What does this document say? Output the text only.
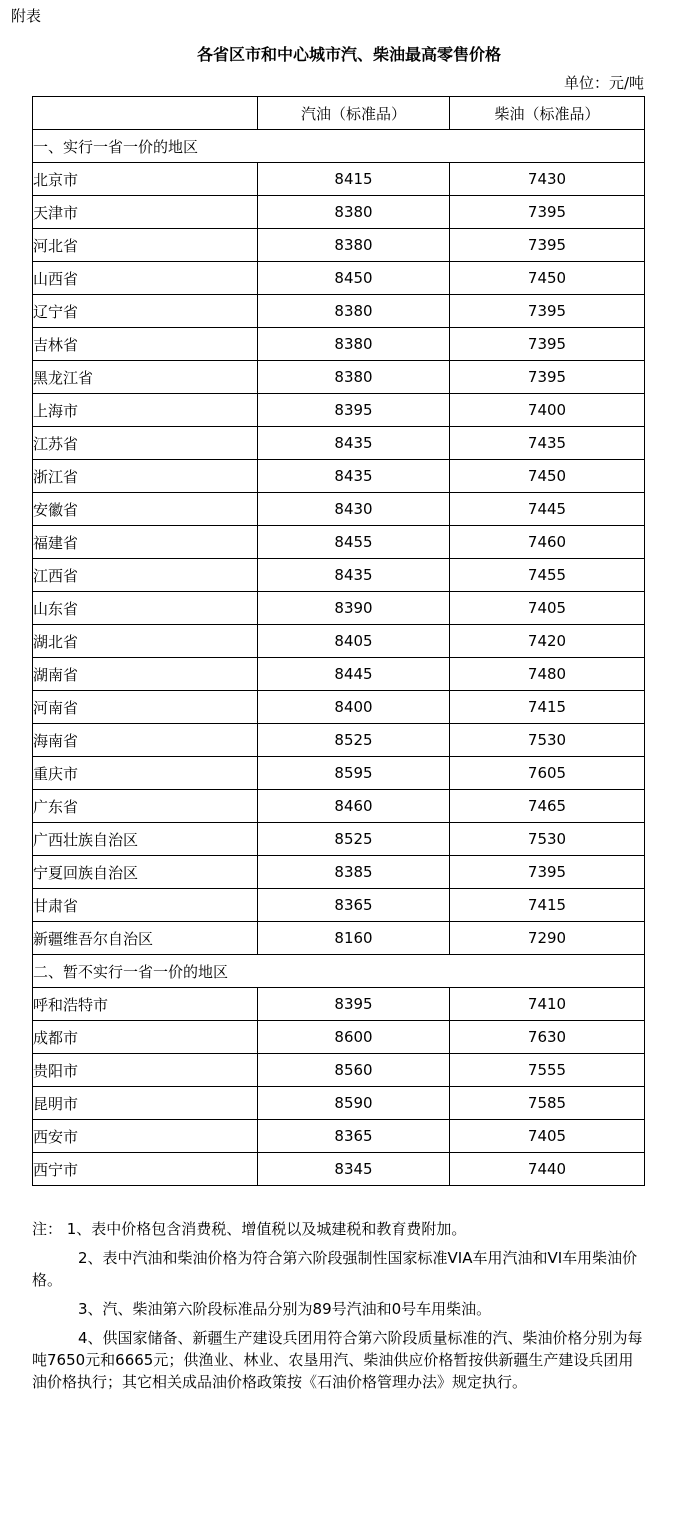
附表
各省区市和中心城市汽、柴油最高零售价格
单位：元/吨
	汽油（标准品）	柴油（标准品）
一、实行一省一价的地区		
北京市	8415	7430
天津市	8380	7395
河北省	8380	7395
山西省	8450	7450
辽宁省	8380	7395
吉林省	8380	7395
黑龙江省	8380	7395
上海市	8395	7400
江苏省	8435	7435
浙江省	8435	7450
安徽省	8430	7445
福建省	8455	7460
江西省	8435	7455
山东省	8390	7405
湖北省	8405	7420
湖南省	8445	7480
河南省	8400	7415
海南省	8525	7530
重庆市	8595	7605
广东省	8460	7465
广西壮族自治区	8525	7530
宁夏回族自治区	8385	7395
甘肃省	8365	7415
新疆维吾尔自治区	8160	7290
二、暂不实行一省一价的地区		
呼和浩特市	8395	7410
成都市	8600	7630
贵阳市	8560	7555
昆明市	8590	7585
西安市	8365	7405
西宁市	8345	7440

注： 1、表中价格包含消费税、增值税以及城建税和教育费附加。

2、表中汽油和柴油价格为符合第六阶段强制性国家标准VIA车用汽油和VI车用柴油价格。

3、汽、柴油第六阶段标准品分别为89号汽油和0号车用柴油。

4、供国家储备、新疆生产建设兵团用符合第六阶段质量标准的汽、柴油价格分别为每吨7650元和6665元；供渔业、林业、农垦用汽、柴油供应价格暂按供新疆生产建设兵团用油价格执行；其它相关成品油价格政策按《石油价格管理办法》规定执行。
